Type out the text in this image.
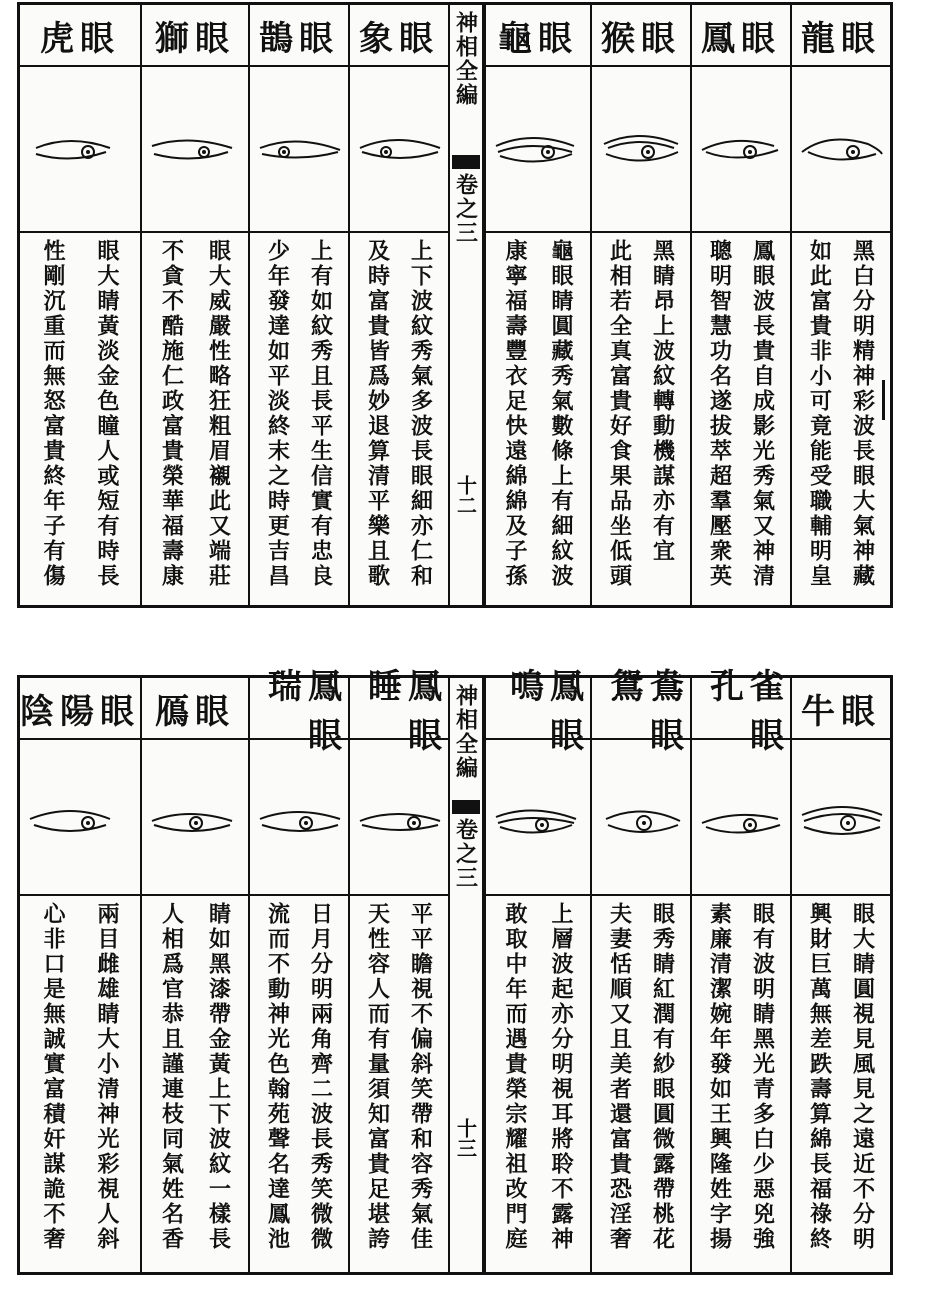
龍眼
黑白分明精神彩波長眼大氣神藏
如此富貴非小可竟能受職輔明皇
鳳眼
鳳眼波長貴自成影光秀氣又神清
聰明智慧功名遂拔萃超羣壓衆英
猴眼
黑睛昂上波紋轉動機謀亦有宜
此相若全真富貴好食果品坐低頭
龜眼
龜眼睛圓藏秀氣數條上有細紋波
康寧福壽豐衣足快遠綿綿及子孫
神相全編
卷之三
十二
象眼
上下波紋秀氣多波長眼細亦仁和
及時富貴皆爲妙退算清平樂且歌
鵲眼
上有如紋秀且長平生信實有忠良
少年發達如平淡終末之時更吉昌
獅眼
眼大威嚴性略狂粗眉襯此又端莊
不貪不酷施仁政富貴榮華福壽康
虎眼
眼大睛黃淡金色瞳人或短有時長
性剛沉重而無怒富貴終年子有傷
牛眼
眼大睛圓視見風見之遠近不分明
興財巨萬無差跌壽算綿長福祿終
孔雀眼
眼有波明睛黑光青多白少惡兇強
素廉清潔婉年發如王興隆姓字揚
鴛鴦眼
眼秀睛紅潤有紗眼圓微露帶桃花
夫妻恬順又且美者還富貴恐淫奢
鳴鳳眼
上層波起亦分明視耳將聆不露神
敢取中年而遇貴榮宗耀祖改門庭
神相全編
卷之三
十三
睡鳳眼
平平瞻視不偏斜笑帶和容秀氣佳
天性容人而有量須知富貴足堪誇
瑞鳳眼
日月分明兩角齊二波長秀笑微微
流而不動神光色翰苑聲名達鳳池
鴈眼
睛如黑漆帶金黃上下波紋一樣長
人相爲官恭且謹連枝同氣姓名香
陰陽眼
兩目雌雄睛大小清神光彩視人斜
心非口是無誠實富積奸謀詭不奢
